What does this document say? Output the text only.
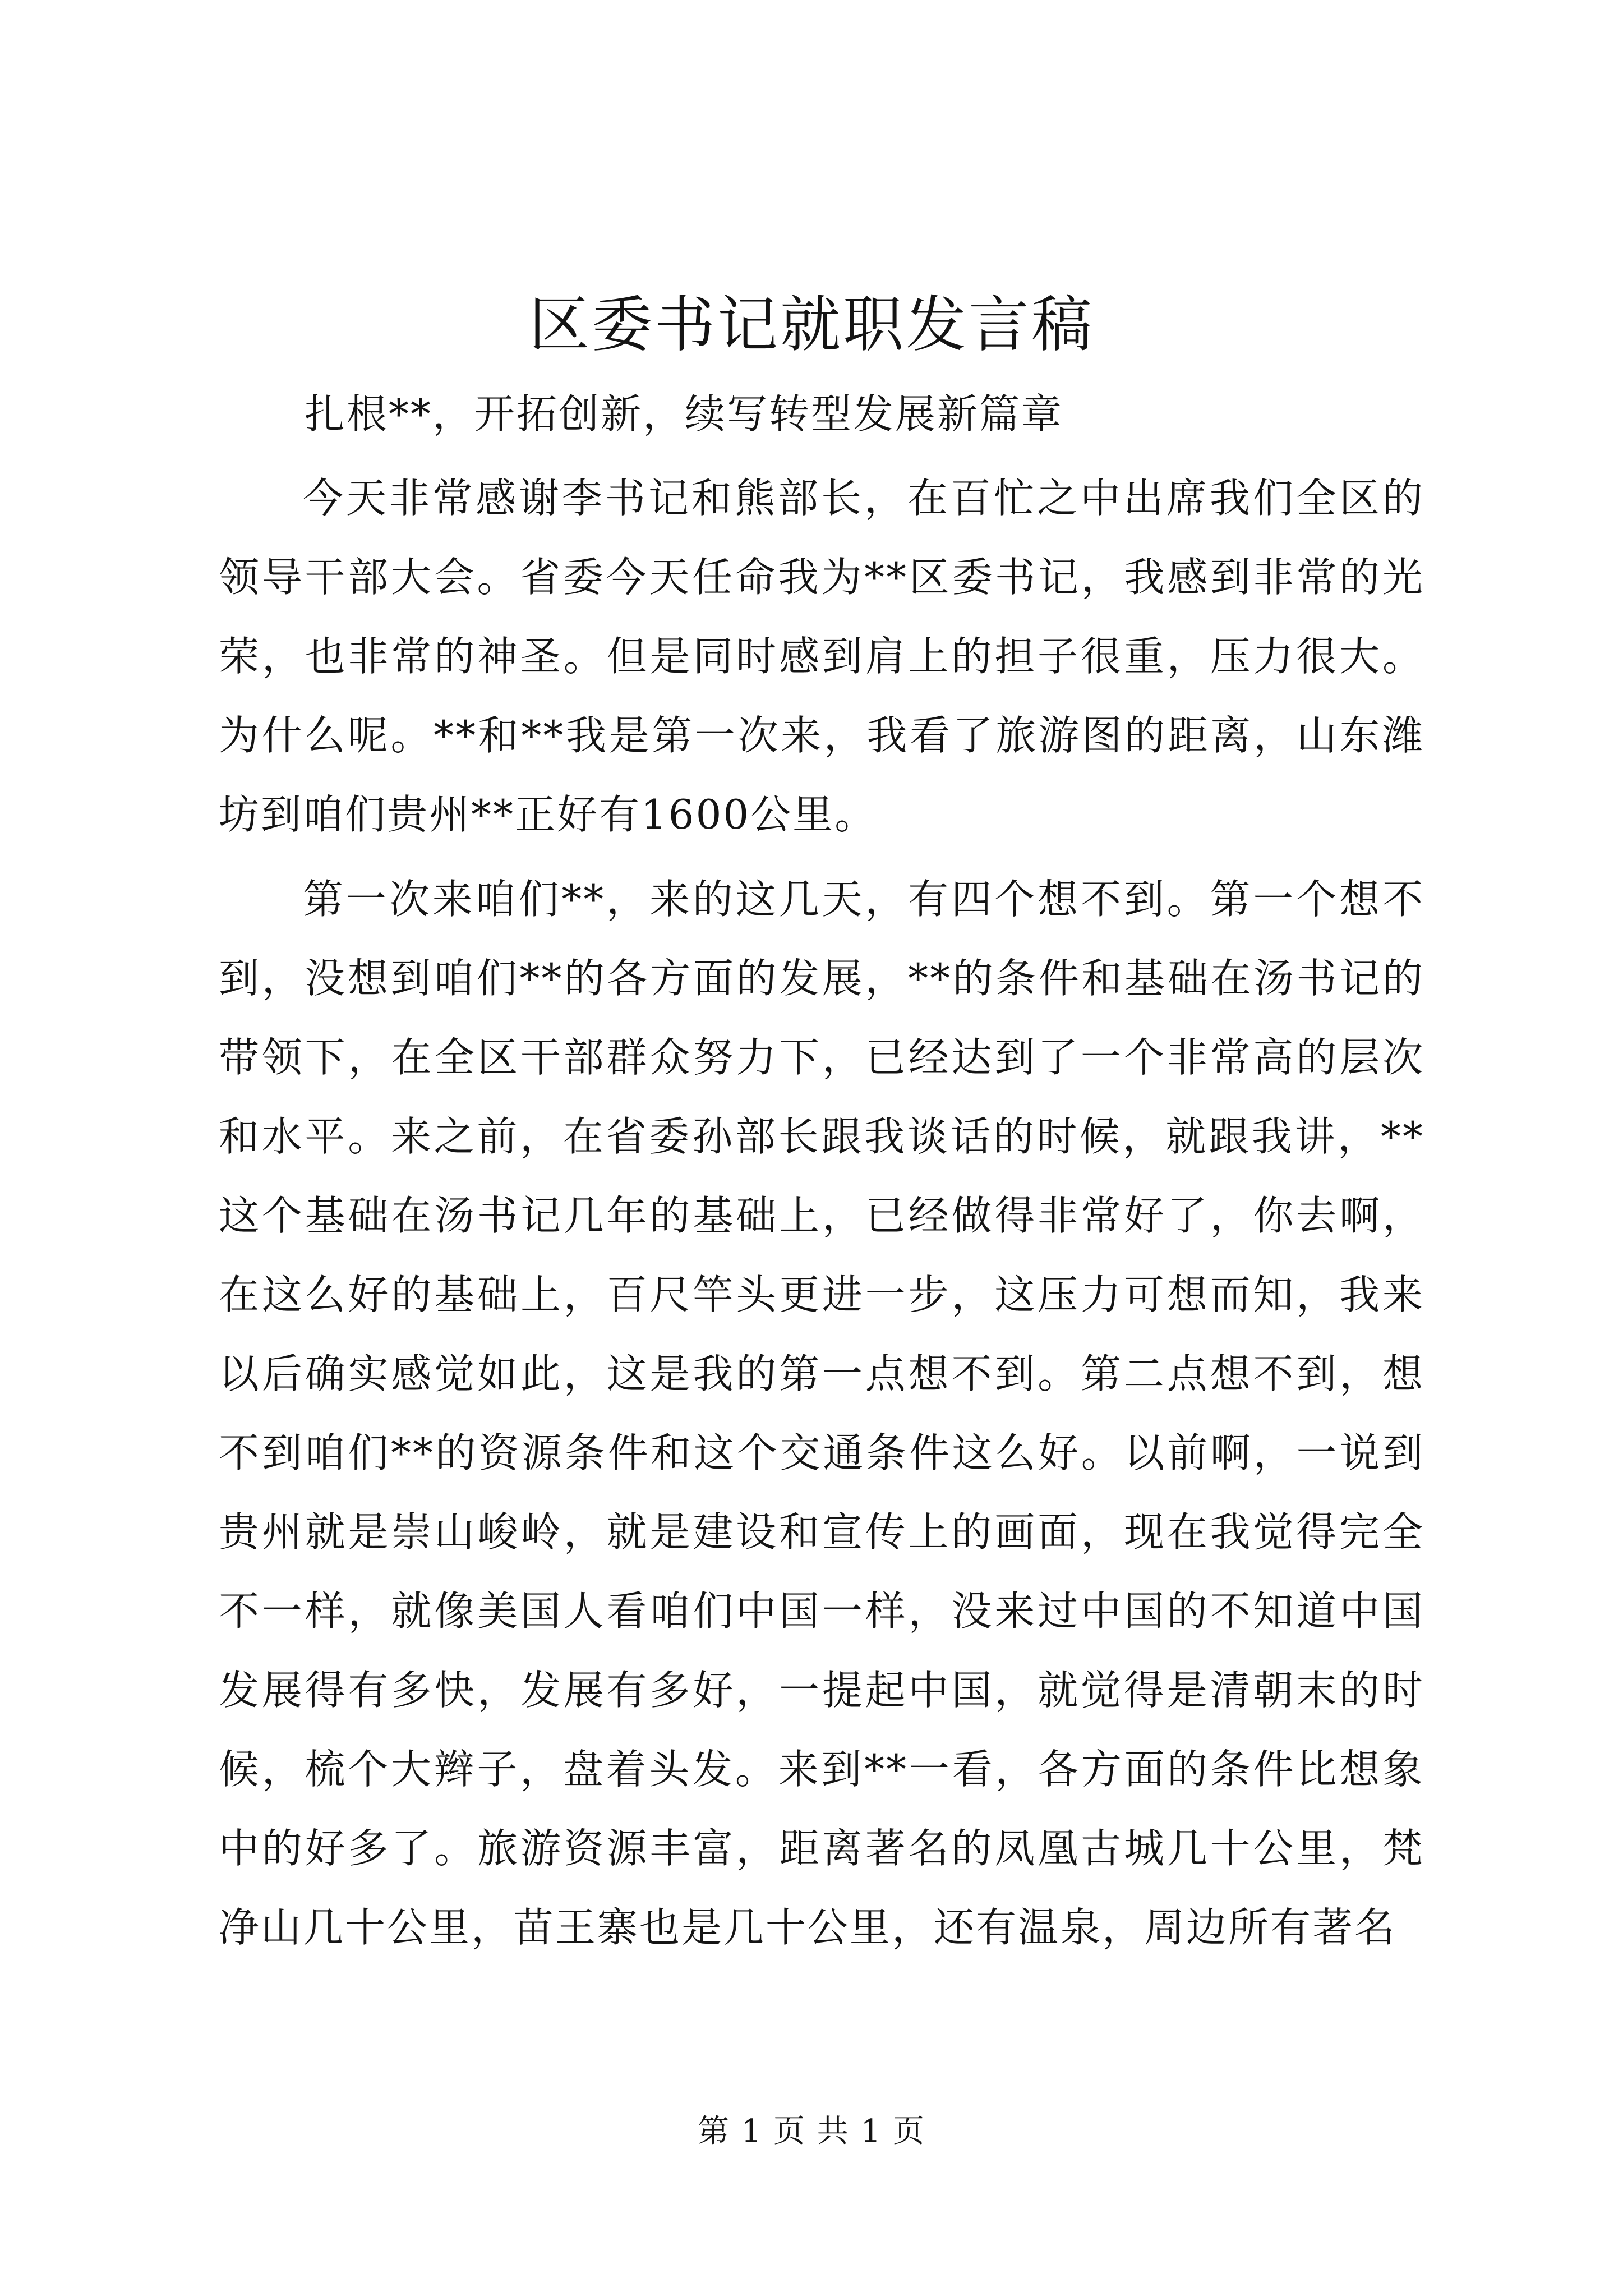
区委书记就职发言稿
扎根**，开拓创新，续写转型发展新篇章

今天非常感谢李书记和熊部长，在百忙之中出席我们全区的领导干部大会。省委今天任命我为**区委书记，我感到非常的光荣，也非常的神圣。但是同时感到肩上的担子很重，压力很大。为什么呢。**和**我是第一次来，我看了旅游图的距离，山东潍坊到咱们贵州**正好有1600公里。

第一次来咱们**，来的这几天，有四个想不到。第一个想不到，没想到咱们**的各方面的发展，**的条件和基础在汤书记的带领下，在全区干部群众努力下，已经达到了一个非常高的层次和水平。来之前，在省委孙部长跟我谈话的时候，就跟我讲，**这个基础在汤书记几年的基础上，已经做得非常好了，你去啊，在这么好的基础上，百尺竿头更进一步，这压力可想而知，我来以后确实感觉如此，这是我的第一点想不到。第二点想不到，想不到咱们**的资源条件和这个交通条件这么好。以前啊，一说到贵州就是崇山峻岭，就是建设和宣传上的画面，现在我觉得完全不一样，就像美国人看咱们中国一样，没来过中国的不知道中国发展得有多快，发展有多好，一提起中国，就觉得是清朝末的时候，梳个大辫子，盘着头发。来到**一看，各方面的条件比想象中的好多了。旅游资源丰富，距离著名的凤凰古城几十公里，梵净山几十公里，苗王寨也是几十公里，还有温泉，周边所有著名

第 1 页 共 1 页
